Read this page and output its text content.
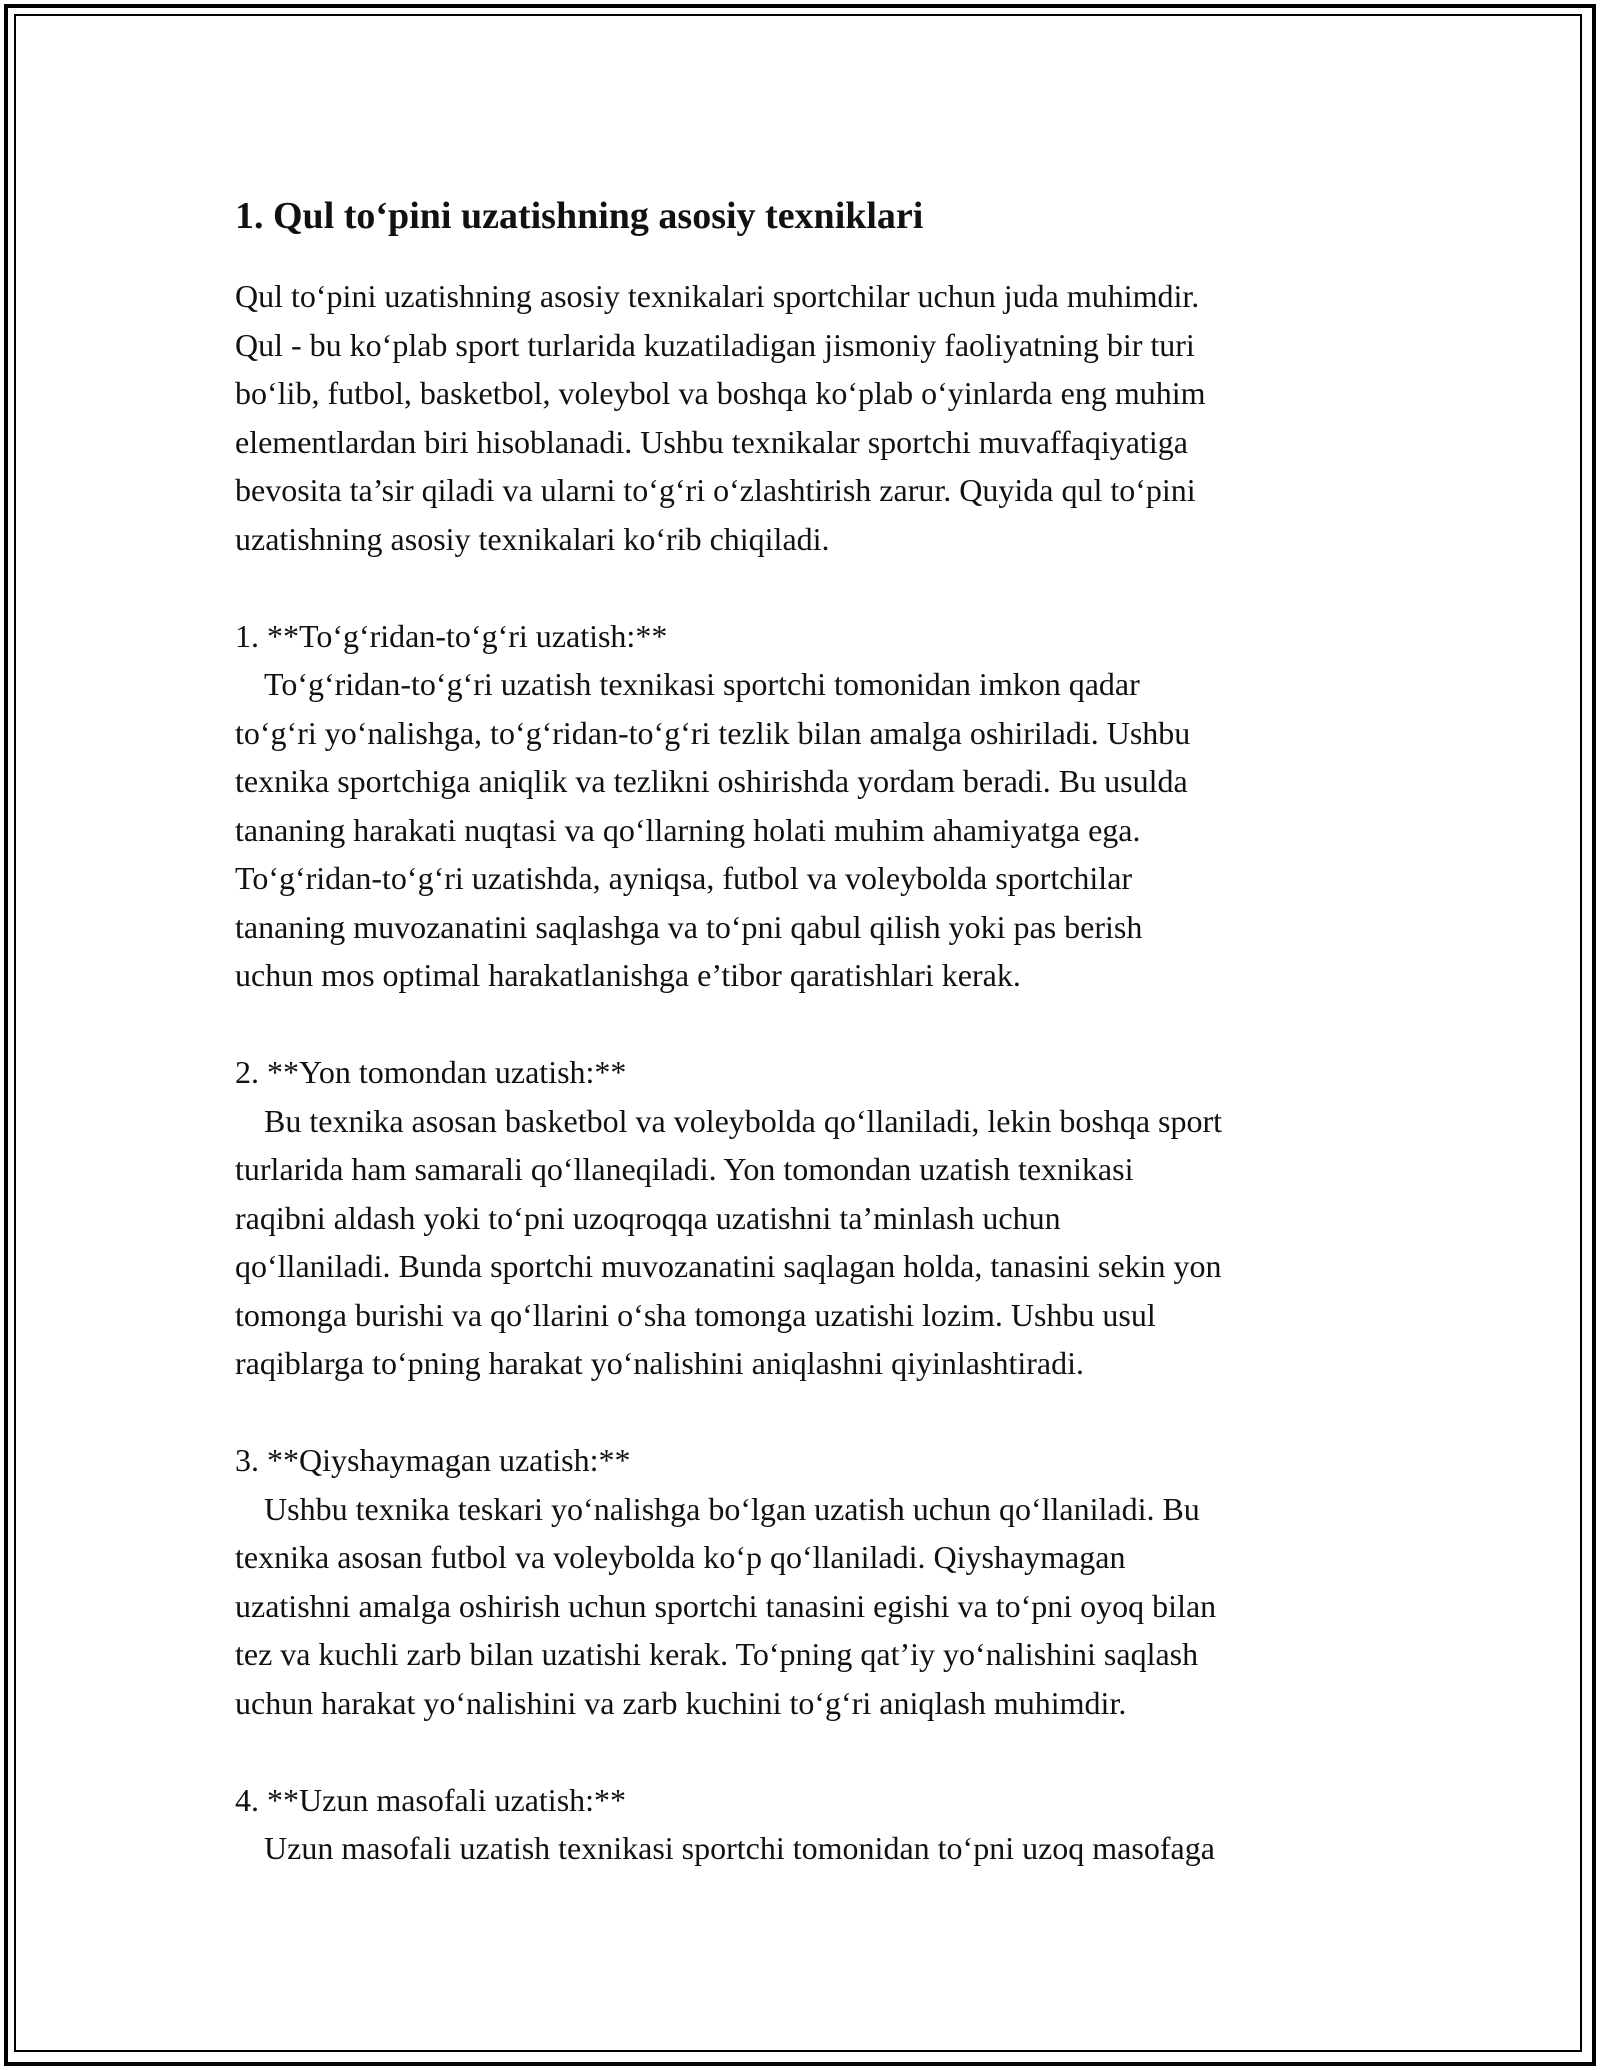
1. Qul to‘pini uzatishning asosiy texniklari

Qul to‘pini uzatishning asosiy texnikalari sportchilar uchun juda muhimdir.

Qul - bu ko‘plab sport turlarida kuzatiladigan jismoniy faoliyatning bir turi

bo‘lib, futbol, basketbol, voleybol va boshqa ko‘plab o‘yinlarda eng muhim

elementlardan biri hisoblanadi. Ushbu texnikalar sportchi muvaffaqiyatiga

bevosita ta’sir qiladi va ularni to‘g‘ri o‘zlashtirish zarur. Quyida qul to‘pini

uzatishning asosiy texnikalari ko‘rib chiqiladi.

1. **To‘g‘ridan-to‘g‘ri uzatish:**

To‘g‘ridan-to‘g‘ri uzatish texnikasi sportchi tomonidan imkon qadar

to‘g‘ri yo‘nalishga, to‘g‘ridan-to‘g‘ri tezlik bilan amalga oshiriladi. Ushbu

texnika sportchiga aniqlik va tezlikni oshirishda yordam beradi. Bu usulda

tananing harakati nuqtasi va qo‘llarning holati muhim ahamiyatga ega.

To‘g‘ridan-to‘g‘ri uzatishda, ayniqsa, futbol va voleybolda sportchilar

tananing muvozanatini saqlashga va to‘pni qabul qilish yoki pas berish

uchun mos optimal harakatlanishga e’tibor qaratishlari kerak.

2. **Yon tomondan uzatish:**

Bu texnika asosan basketbol va voleybolda qo‘llaniladi, lekin boshqa sport

turlarida ham samarali qo‘llaneqiladi. Yon tomondan uzatish texnikasi

raqibni aldash yoki to‘pni uzoqroqqa uzatishni ta’minlash uchun

qo‘llaniladi. Bunda sportchi muvozanatini saqlagan holda, tanasini sekin yon

tomonga burishi va qo‘llarini o‘sha tomonga uzatishi lozim. Ushbu usul

raqiblarga to‘pning harakat yo‘nalishini aniqlashni qiyinlashtiradi.

3. **Qiyshaymagan uzatish:**

Ushbu texnika teskari yo‘nalishga bo‘lgan uzatish uchun qo‘llaniladi. Bu

texnika asosan futbol va voleybolda ko‘p qo‘llaniladi. Qiyshaymagan

uzatishni amalga oshirish uchun sportchi tanasini egishi va to‘pni oyoq bilan

tez va kuchli zarb bilan uzatishi kerak. To‘pning qat’iy yo‘nalishini saqlash

uchun harakat yo‘nalishini va zarb kuchini to‘g‘ri aniqlash muhimdir.

4. **Uzun masofali uzatish:**

Uzun masofali uzatish texnikasi sportchi tomonidan to‘pni uzoq masofaga
